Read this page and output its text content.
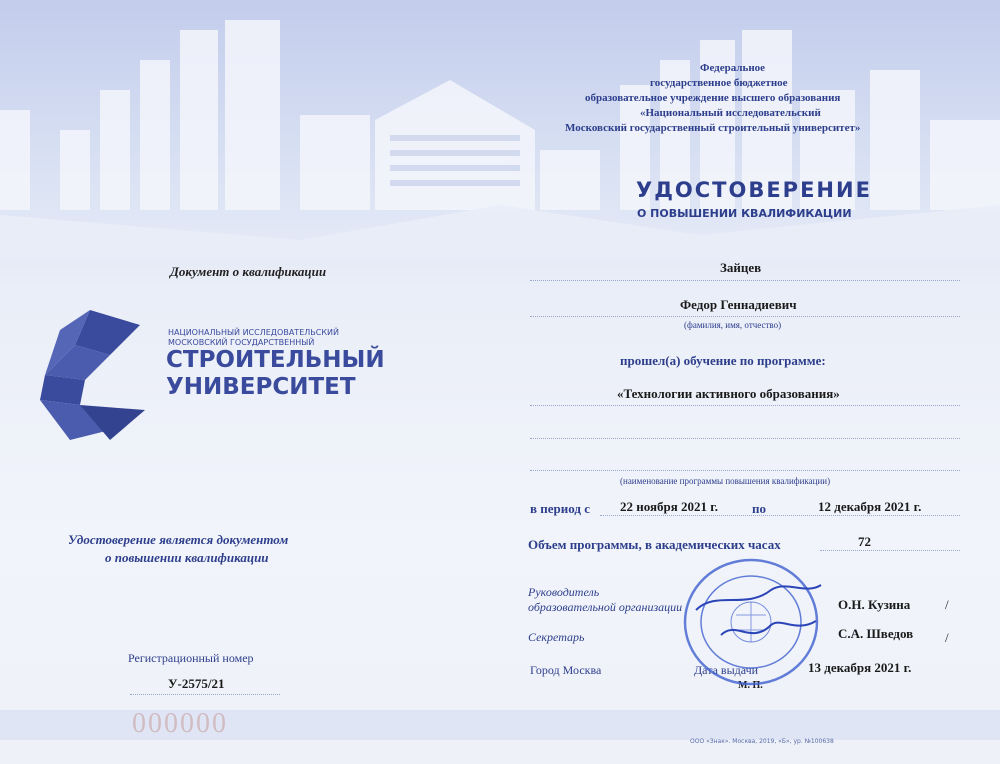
Федеральное
государственное бюджетное
образовательное учреждение высшего образования
«Национальный исследовательский
Московский государственный строительный университет»
УДОСТОВЕРЕНИЕ
О ПОВЫШЕНИИ КВАЛИФИКАЦИИ
Документ о квалификации
НАЦИОНАЛЬНЫЙ ИССЛЕДОВАТЕЛЬСКИЙ
МОСКОВСКИЙ ГОСУДАРСТВЕННЫЙ
СТРОИТЕЛЬНЫЙ
УНИВЕРСИТЕТ
Удостоверение является документом
о повышении квалификации
Регистрационный номер
У-2575/21
000000
Зайцев
Федор Геннадиевич
(фамилия, имя, отчество)
прошел(а) обучение по программе:
«Технологии активного образования»
(наименование программы повышения квалификации)
в период с 22 ноября 2021 г.	по	12 декабря 2021 г.
Объем программы, в академических часах	72
Руководитель
образовательной организации	О.Н. Кузина	/
Секретарь	С.А. Шведов /
Город Москва	Дата выдачи	13 декабря 2021 г.
М. П.
ООО «Знак». Москва, 2019, «Б», ур. №100638
